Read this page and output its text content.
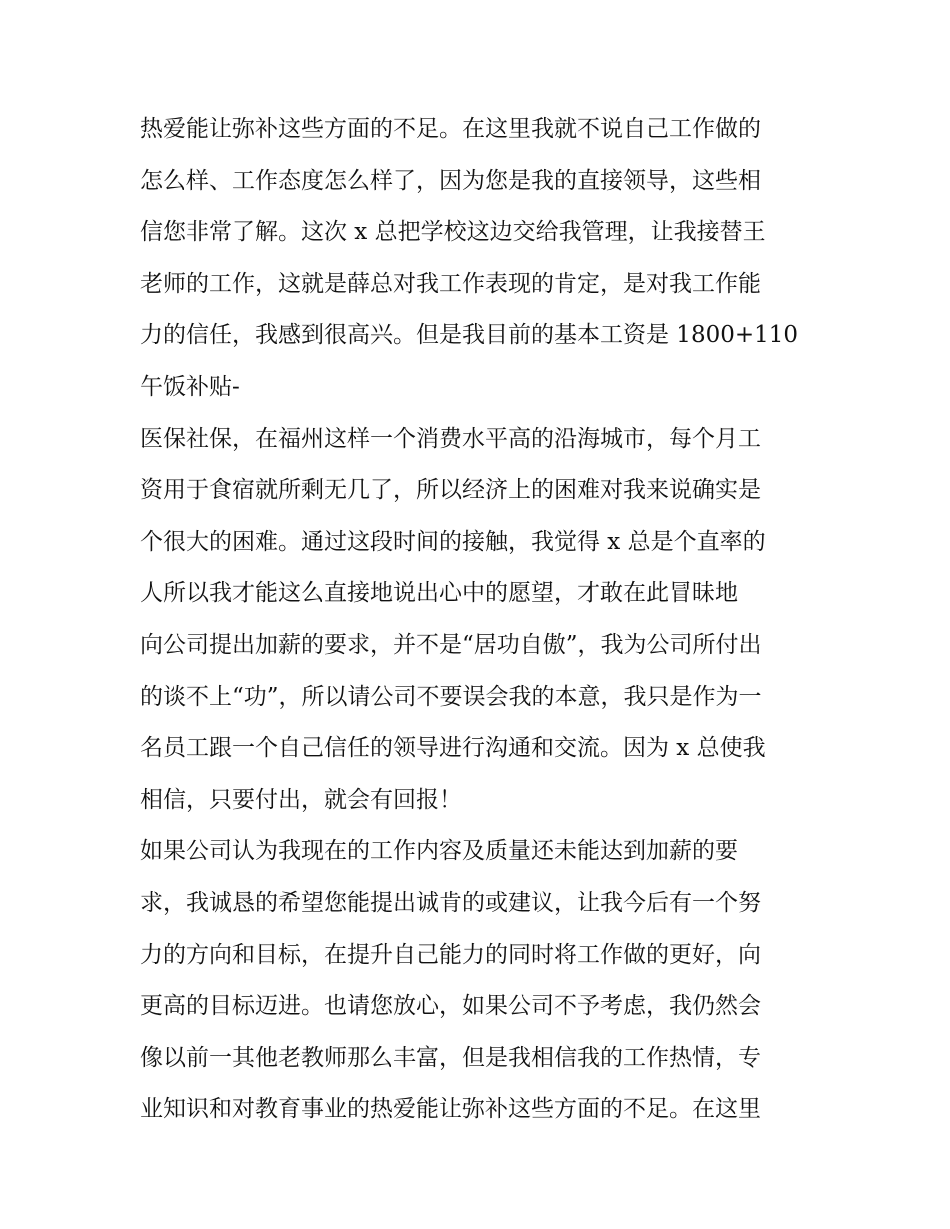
热爱能让弥补这些方面的不足。在这里我就不说自己工作做的
怎么样、工作态度怎么样了，因为您是我的直接领导，这些相
信您非常了解。这次 x 总把学校这边交给我管理，让我接替王
老师的工作，这就是薛总对我工作表现的肯定，是对我工作能
力的信任，我感到很高兴。但是我目前的基本工资是 1800+110
午饭补贴-
医保社保，在福州这样一个消费水平高的沿海城市，每个月工
资用于食宿就所剩无几了，所以经济上的困难对我来说确实是
个很大的困难。通过这段时间的接触，我觉得 x 总是个直率的
人所以我才能这么直接地说出心中的愿望，才敢在此冒昧地
向公司提出加薪的要求，并不是“居功自傲”，我为公司所付出
的谈不上“功”，所以请公司不要误会我的本意，我只是作为一
名员工跟一个自己信任的领导进行沟通和交流。因为 x 总使我
相信，只要付出，就会有回报！
如果公司认为我现在的工作内容及质量还未能达到加薪的要
求，我诚恳的希望您能提出诚肯的或建议，让我今后有一个努
力的方向和目标，在提升自己能力的同时将工作做的更好，向
更高的目标迈进。也请您放心，如果公司不予考虑，我仍然会
像以前一其他老教师那么丰富，但是我相信我的工作热情，专
业知识和对教育事业的热爱能让弥补这些方面的不足。在这里
